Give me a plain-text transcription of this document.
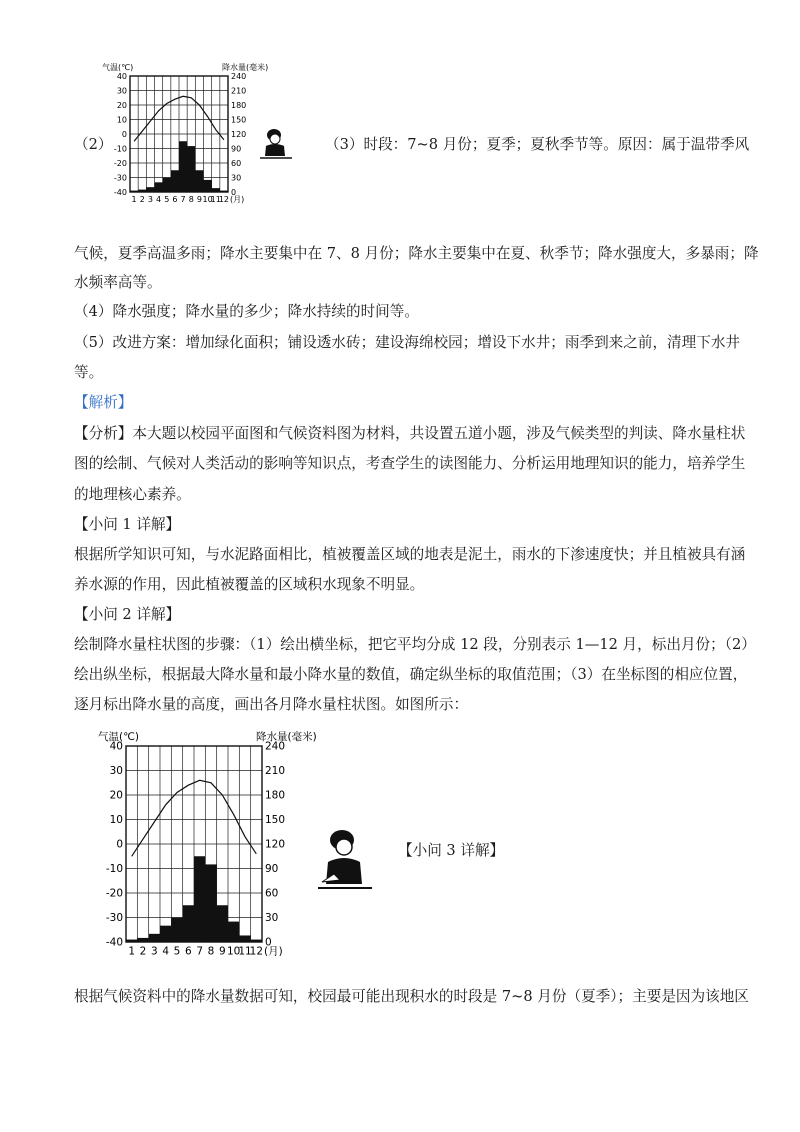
40
30
20
10
0
-10
-20
-30
-40
240
210
180
150
120
90
60
30
0
1 2 3 4 5 6 7 8 9 10
11
12 (月)
气温(℃)	降水量(毫米)
（2）	（3）时段：7~8 月份；夏季；夏秋季节等。原因：属于温带季风
气候，夏季高温多雨；降水主要集中在 7、8 月份；降水主要集中在夏、秋季节；降水强度大，多暴雨；降
水频率高等。
（4）降水强度；降水量的多少；降水持续的时间等。
（5）改进方案：增加绿化面积；铺设透水砖；建设海绵校园；增设下水井；雨季到来之前，清理下水井
等。
【解析】
【分析】本大题以校园平面图和气候资料图为材料，共设置五道小题，涉及气候类型的判读、降水量柱状
图的绘制、气候对人类活动的影响等知识点，考查学生的读图能力、分析运用地理知识的能力，培养学生
的地理核心素养。
【小问 1 详解】
根据所学知识可知，与水泥路面相比，植被覆盖区域的地表是泥土，雨水的下渗速度快；并且植被具有涵
养水源的作用，因此植被覆盖的区域积水现象不明显。
【小问 2 详解】
绘制降水量柱状图的步骤：（1）绘出横坐标，把它平均分成 12 段，分别表示 1—12 月，标出月份；（2）
绘出纵坐标，根据最大降水量和最小降水量的数值，确定纵坐标的取值范围；（3）在坐标图的相应位置，
逐月标出降水量的高度，画出各月降水量柱状图。如图所示：
40
30
20
10
0
-10
-20
-30
-40
240
210
180
150
120
90
60
30
0
1 2 3 4 5 6 7 8 9 10
11
12 (月)
气温(℃)	降水量(毫米)
【小问 3 详解】
根据气候资料中的降水量数据可知，校园最可能出现积水的时段是 7~8 月份（夏季）；主要是因为该地区
